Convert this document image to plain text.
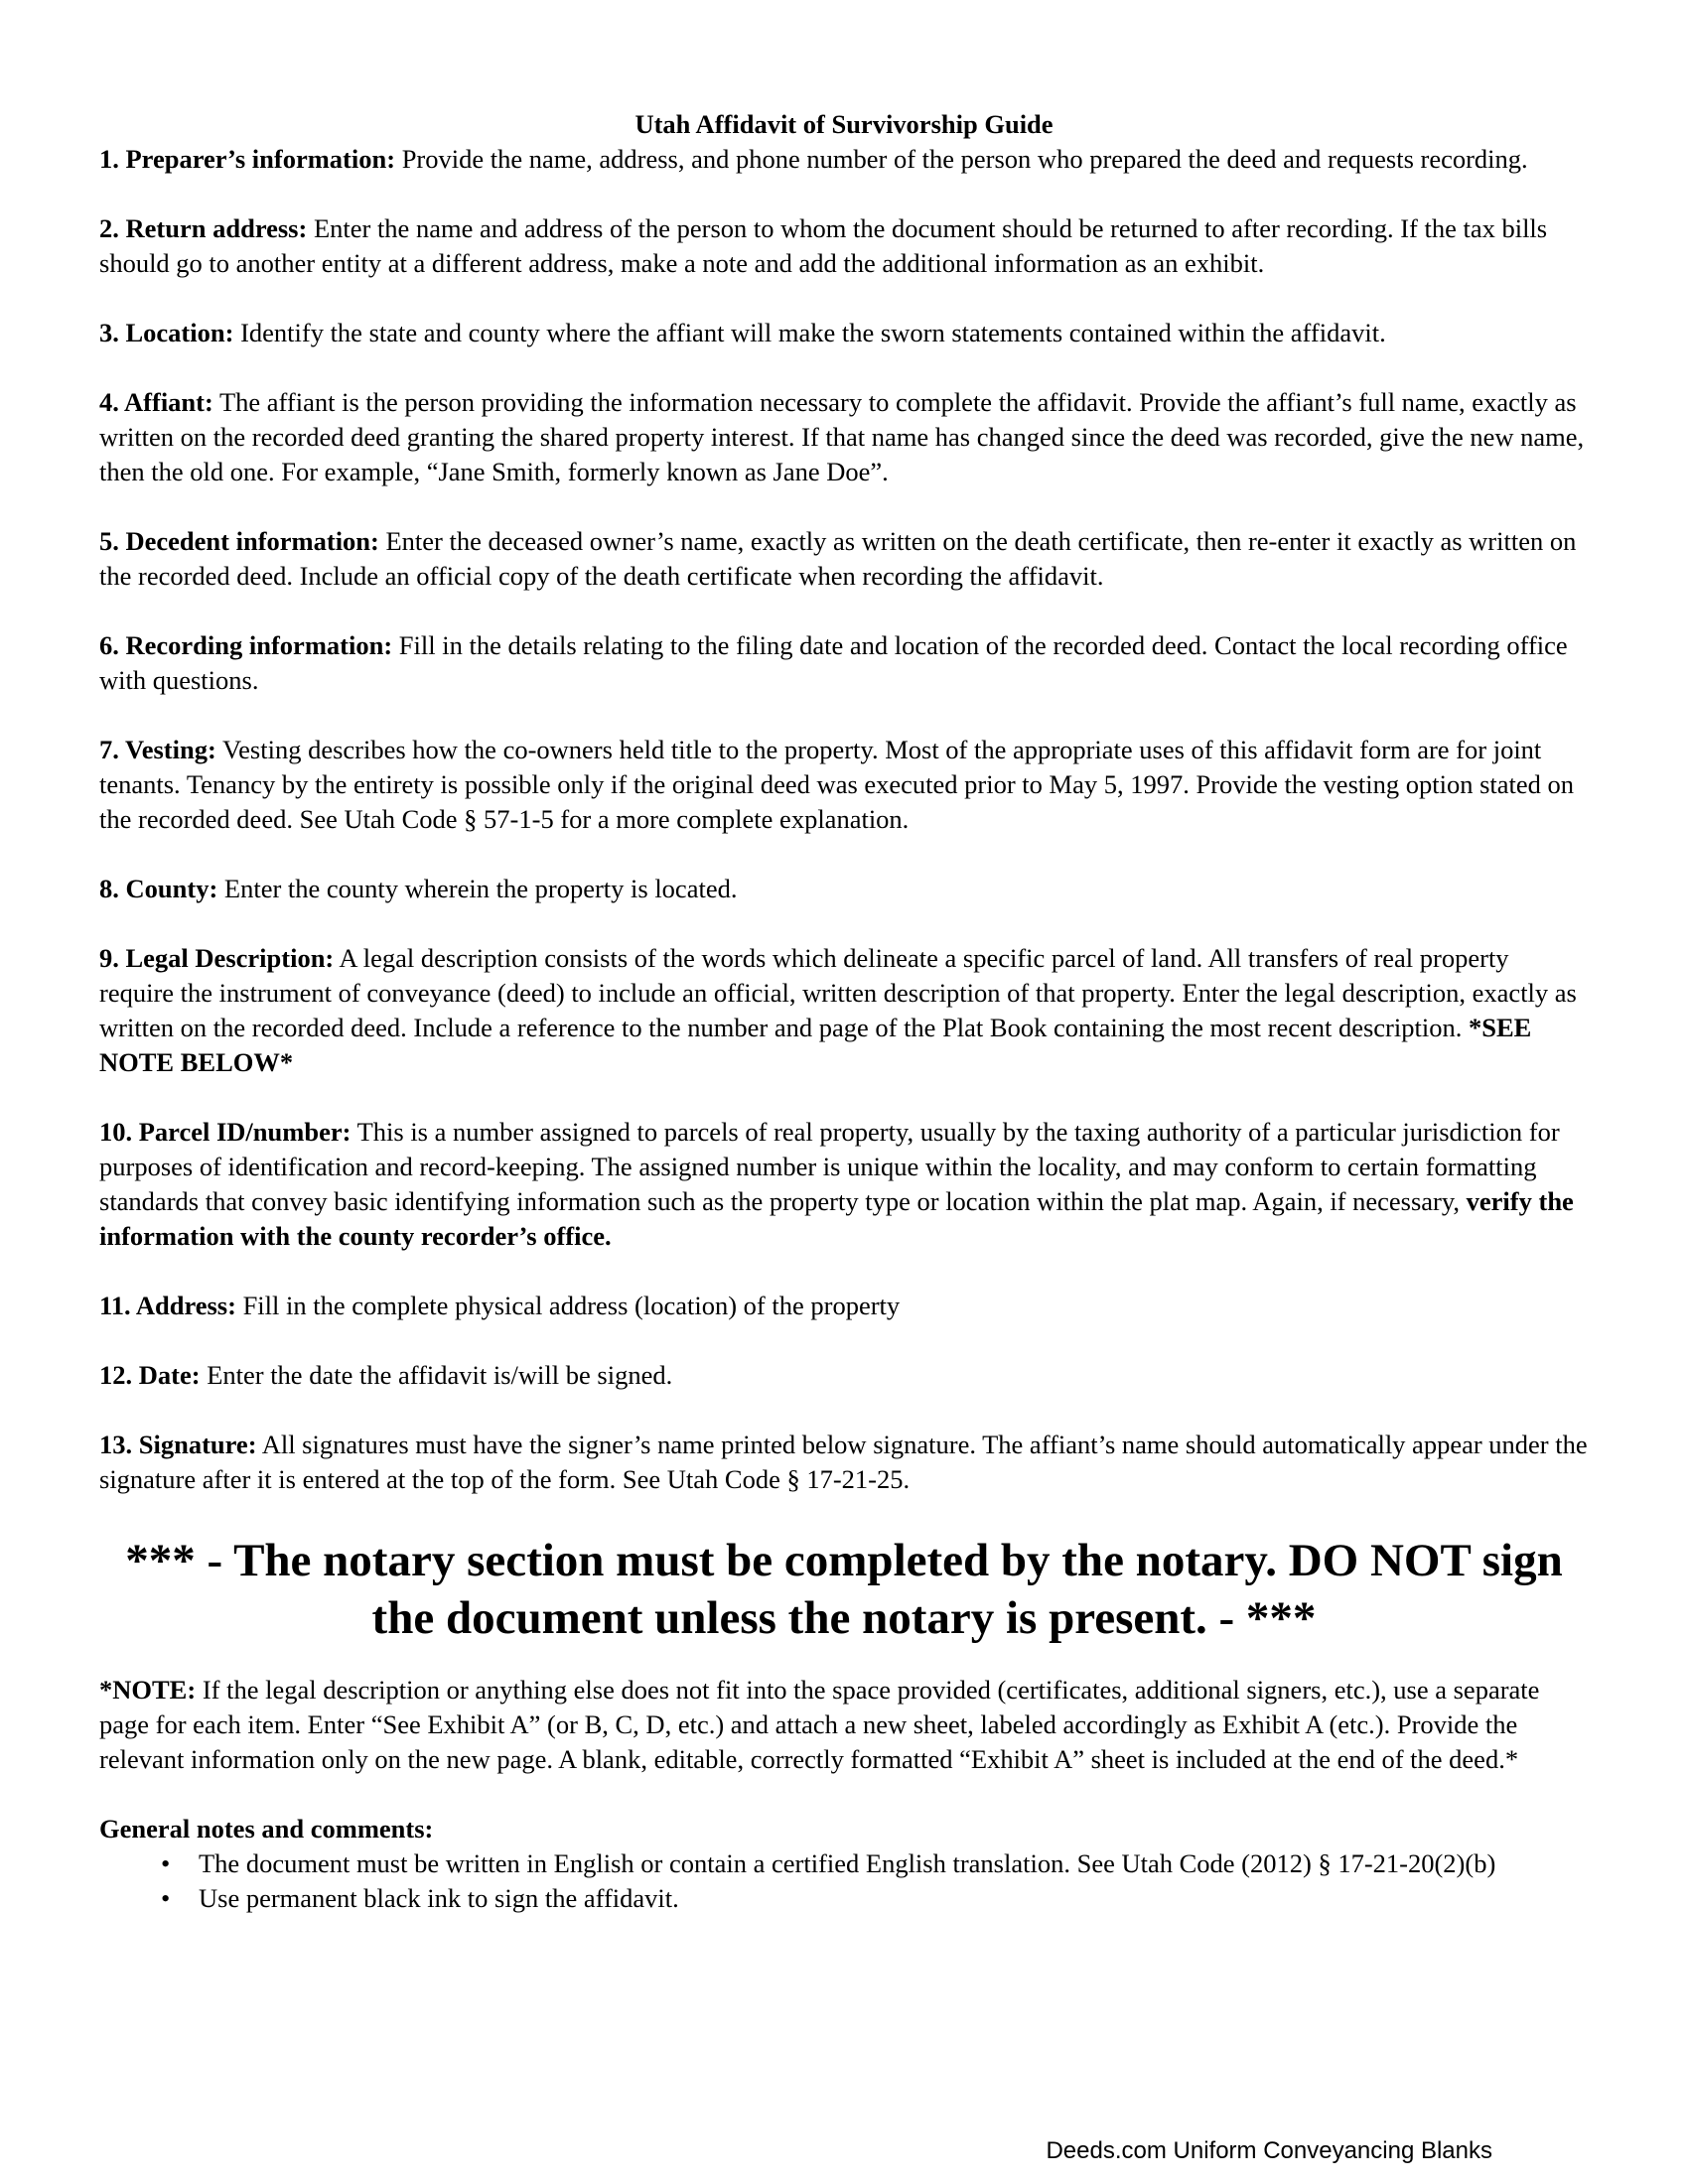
Utah Affidavit of Survivorship Guide

1. Preparer’s information: Provide the name, address, and phone number of the person who prepared the deed and requests recording.

2. Return address: Enter the name and address of the person to whom the document should be returned to after recording. If the tax bills should go to another entity at a different address, make a note and add the additional information as an exhibit.

3. Location: Identify the state and county where the affiant will make the sworn statements contained within the affidavit.

4. Affiant: The affiant is the person providing the information necessary to complete the affidavit. Provide the affiant’s full name, exactly as written on the recorded deed granting the shared property interest. If that name has changed since the deed was recorded, give the new name, then the old one. For example, “Jane Smith, formerly known as Jane Doe”.

5. Decedent information: Enter the deceased owner’s name, exactly as written on the death certificate, then re-enter it exactly as written on the recorded deed. Include an official copy of the death certificate when recording the affidavit.

6. Recording information: Fill in the details relating to the filing date and location of the recorded deed. Contact the local recording office with questions.

7. Vesting: Vesting describes how the co-owners held title to the property. Most of the appropriate uses of this affidavit form are for joint tenants. Tenancy by the entirety is possible only if the original deed was executed prior to May 5, 1997. Provide the vesting option stated on the recorded deed. See Utah Code § 57-1-5 for a more complete explanation.

8. County: Enter the county wherein the property is located.

9. Legal Description: A legal description consists of the words which delineate a specific parcel of land. All transfers of real property require the instrument of conveyance (deed) to include an official, written description of that property. Enter the legal description, exactly as written on the recorded deed. Include a reference to the number and page of the Plat Book containing the most recent description. *SEE NOTE BELOW*

10. Parcel ID/number: This is a number assigned to parcels of real property, usually by the taxing authority of a particular jurisdiction for purposes of identification and record-keeping. The assigned number is unique within the locality, and may conform to certain formatting standards that convey basic identifying information such as the property type or location within the plat map. Again, if necessary, verify the information with the county recorder’s office.

11. Address: Fill in the complete physical address (location) of the property

12. Date: Enter the date the affidavit is/will be signed.

13. Signature: All signatures must have the signer’s name printed below signature. The affiant’s name should automatically appear under the signature after it is entered at the top of the form. See Utah Code § 17-21-25.

*** - The notary section must be completed by the notary. DO NOT sign the document unless the notary is present. - ***

*NOTE: If the legal description or anything else does not fit into the space provided (certificates, additional signers, etc.), use a separate page for each item. Enter “See Exhibit A” (or B, C, D, etc.) and attach a new sheet, labeled accordingly as Exhibit A (etc.). Provide the relevant information only on the new page. A blank, editable, correctly formatted “Exhibit A” sheet is included at the end of the deed.*

General notes and comments:

• The document must be written in English or contain a certified English translation. See Utah Code (2012) § 17-21-20(2)(b)
• Use permanent black ink to sign the affidavit.
Deeds.com Uniform Conveyancing Blanks
